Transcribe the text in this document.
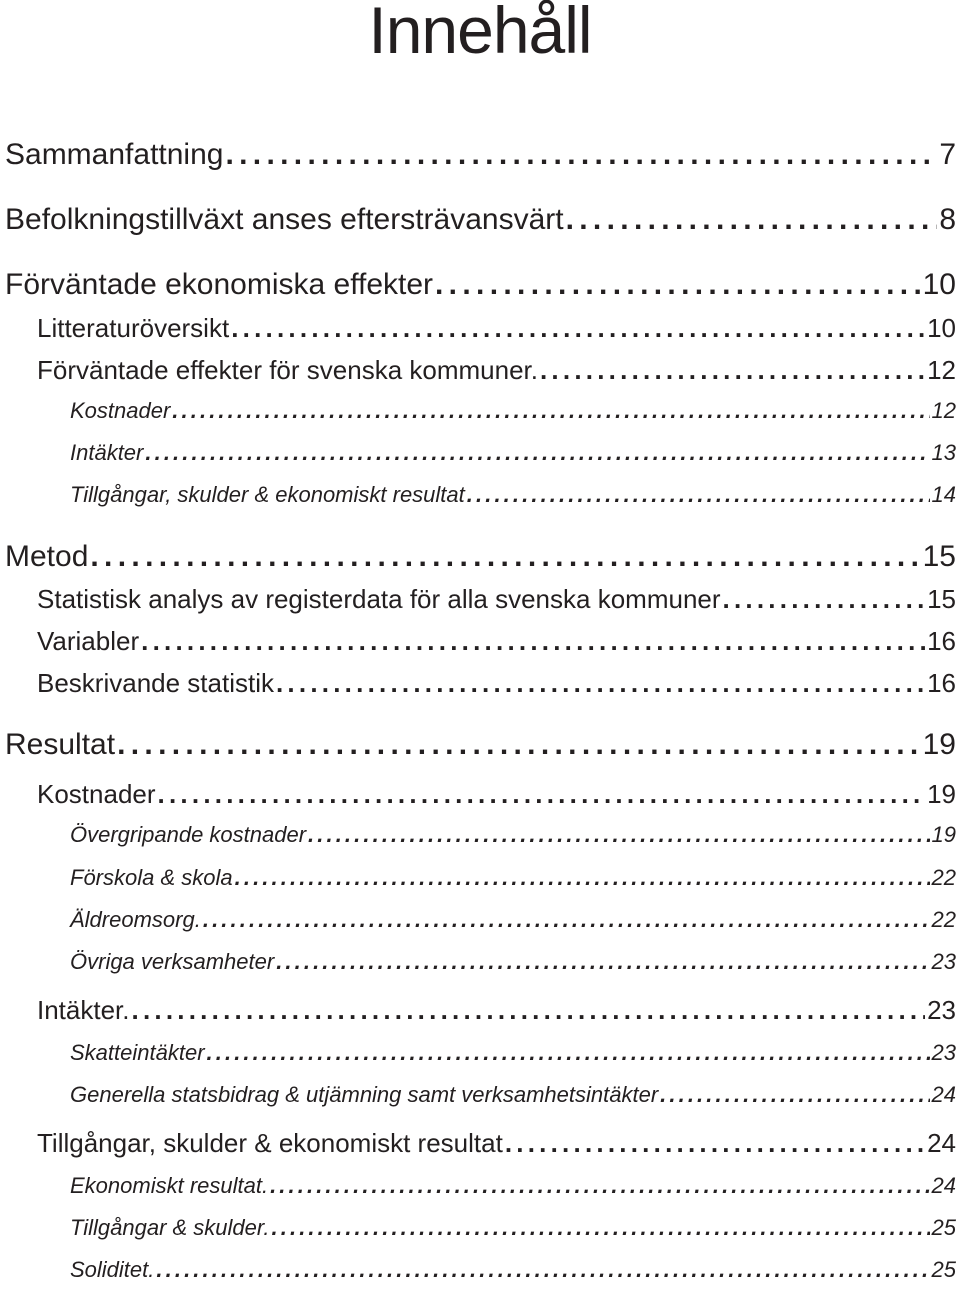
Innehåll
Sammanfattning . . .	7
Befolkningstillväxt anses eftersträvansvärt . . .	8
Förväntade ekonomiska effekter . . .	10
Litteraturöversikt . . .	10
Förväntade effekter för svenska kommuner. . . .	12
Kostnader . . .	12
Intäkter . . .	13
Tillgångar, skulder & ekonomiskt resultat . . .	14
Metod . . .	15
Statistisk analys av registerdata för alla svenska kommuner . . .	15
Variabler . . .	16
Beskrivande statistik . . .	16
Resultat . . .	19
Kostnader . . .	19
Övergripande kostnader . . .	19
Förskola & skola . . .	22
Äldreomsorg. . . .	22
Övriga verksamheter . . .	23
Intäkter. . . .	23
Skatteintäkter . . .	23
Generella statsbidrag & utjämning samt verksamhetsintäkter . . .	24
Tillgångar, skulder & ekonomiskt resultat . . .	24
Ekonomiskt resultat. . . .	24
Tillgångar & skulder. . . .	25
Soliditet. . . .	25
